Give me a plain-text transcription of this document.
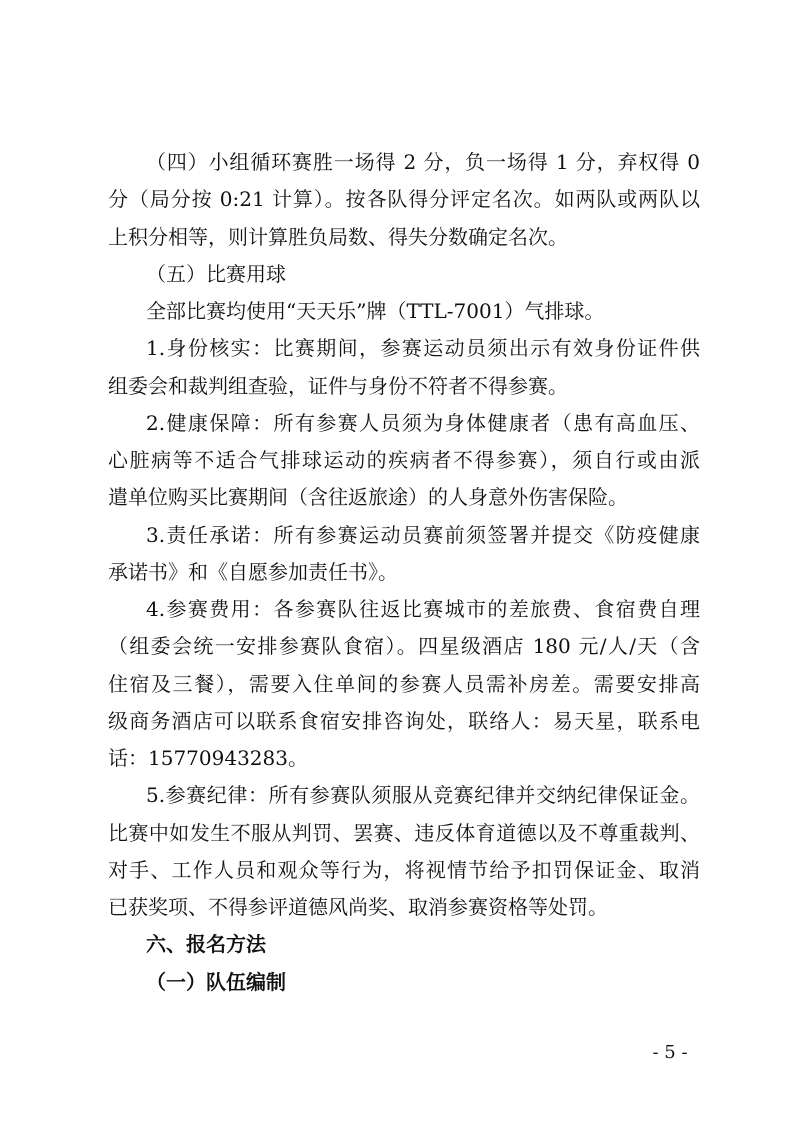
（四）小组循环赛胜一场得 2 分，负一场得 1 分，弃权得 0
分（局分按 0:21 计算）。按各队得分评定名次。如两队或两队以
上积分相等，则计算胜负局数、得失分数确定名次。
（五）比赛用球
全部比赛均使用“天天乐”牌（TTL-7001）气排球。
1.身份核实：比赛期间，参赛运动员须出示有效身份证件供
组委会和裁判组查验，证件与身份不符者不得参赛。
2.健康保障：所有参赛人员须为身体健康者（患有高血压、
心脏病等不适合气排球运动的疾病者不得参赛），须自行或由派
遣单位购买比赛期间（含往返旅途）的人身意外伤害保险。
3.责任承诺：所有参赛运动员赛前须签署并提交《防疫健康
承诺书》和《自愿参加责任书》。
4.参赛费用：各参赛队往返比赛城市的差旅费、食宿费自理
（组委会统一安排参赛队食宿）。四星级酒店 180 元/人/天（含
住宿及三餐），需要入住单间的参赛人员需补房差。需要安排高
级商务酒店可以联系食宿安排咨询处，联络人：易天星，联系电
话：15770943283。
5.参赛纪律：所有参赛队须服从竞赛纪律并交纳纪律保证金。
比赛中如发生不服从判罚、罢赛、违反体育道德以及不尊重裁判、
对手、工作人员和观众等行为，将视情节给予扣罚保证金、取消
已获奖项、不得参评道德风尚奖、取消参赛资格等处罚。
六、报名方法
（一）队伍编制
- 5 -
